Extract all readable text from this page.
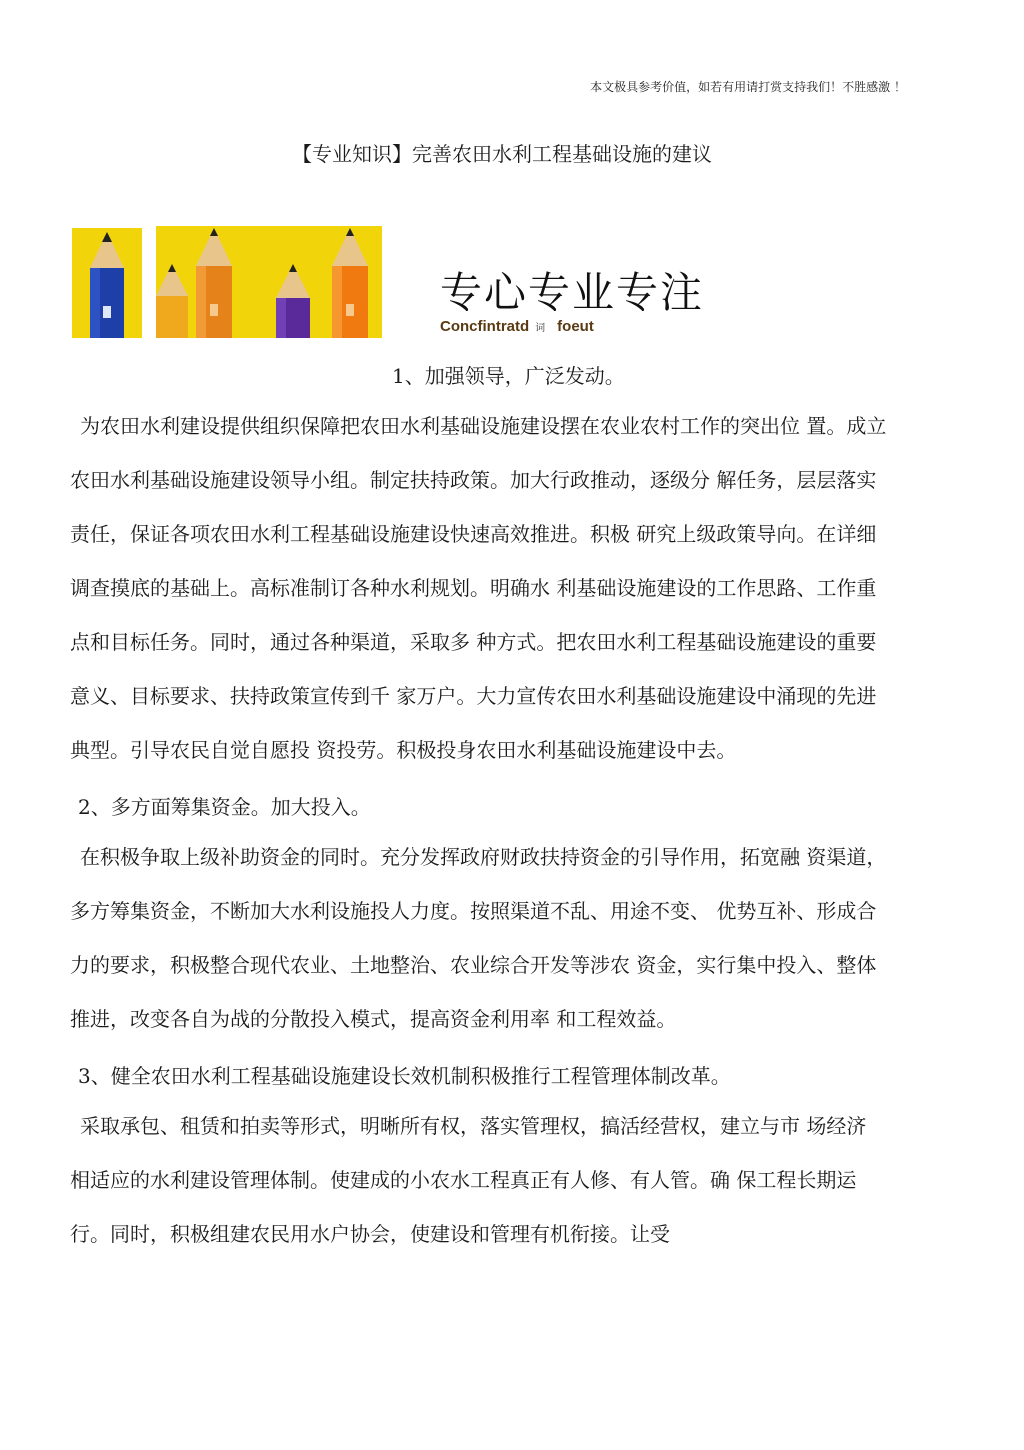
本文极具参考价值，如若有用请打赏支持我们！不胜感激 ！
【专业知识】完善农田水利工程基础设施的建议
专心专业专注
Concfintratd 词 foeut
1、加强领导，广泛发动。
为农田水利建设提供组织保障把农田水利基础设施建设摆在农业农村工作的突出位 置。成立
农田水利基础设施建设领导小组。制定扶持政策。加大行政推动，逐级分 解任务，层层落实
责任，保证各项农田水利工程基础设施建设快速高效推进。积极 研究上级政策导向。在详细
调查摸底的基础上。高标准制订各种水利规划。明确水 利基础设施建设的工作思路、工作重
点和目标任务。同时，通过各种渠道，采取多 种方式。把农田水利工程基础设施建设的重要
意义、目标要求、扶持政策宣传到千 家万户。大力宣传农田水利基础设施建设中涌现的先进
典型。引导农民自觉自愿投 资投劳。积极投身农田水利基础设施建设中去。
2、多方面筹集资金。加大投入。
在积极争取上级补助资金的同时。充分发挥政府财政扶持资金的引导作用，拓宽融 资渠道，
多方筹集资金，不断加大水利设施投人力度。按照渠道不乱、用途不变、 优势互补、形成合
力的要求，积极整合现代农业、土地整治、农业综合开发等涉农 资金，实行集中投入、整体
推进，改变各自为战的分散投入模式，提高资金利用率 和工程效益。
3、健全农田水利工程基础设施建设长效机制积极推行工程管理体制改革。
采取承包、租赁和拍卖等形式，明晰所有权，落实管理权，搞活经营权，建立与市 场经济
相适应的水利建设管理体制。使建成的小农水工程真正有人修、有人管。确 保工程长期运
行。同时，积极组建农民用水户协会，使建设和管理有机衔接。让受
